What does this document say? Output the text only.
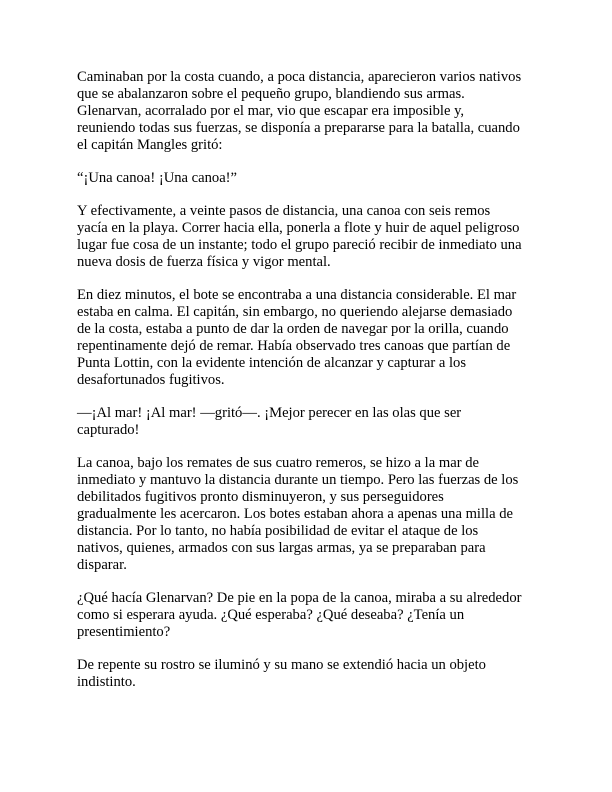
Caminaban por la costa cuando, a poca distancia, aparecieron varios nativos
que se abalanzaron sobre el pequeño grupo, blandiendo sus armas.
Glenarvan, acorralado por el mar, vio que escapar era imposible y,
reuniendo todas sus fuerzas, se disponía a prepararse para la batalla, cuando
el capitán Mangles gritó:

“¡Una canoa! ¡Una canoa!”

Y efectivamente, a veinte pasos de distancia, una canoa con seis remos
yacía en la playa. Correr hacia ella, ponerla a flote y huir de aquel peligroso
lugar fue cosa de un instante; todo el grupo pareció recibir de inmediato una
nueva dosis de fuerza física y vigor mental.

En diez minutos, el bote se encontraba a una distancia considerable. El mar
estaba en calma. El capitán, sin embargo, no queriendo alejarse demasiado
de la costa, estaba a punto de dar la orden de navegar por la orilla, cuando
repentinamente dejó de remar. Había observado tres canoas que partían de
Punta Lottin, con la evidente intención de alcanzar y capturar a los
desafortunados fugitivos.

—¡Al mar! ¡Al mar! —gritó—. ¡Mejor perecer en las olas que ser
capturado!

La canoa, bajo los remates de sus cuatro remeros, se hizo a la mar de
inmediato y mantuvo la distancia durante un tiempo. Pero las fuerzas de los
debilitados fugitivos pronto disminuyeron, y sus perseguidores
gradualmente les acercaron. Los botes estaban ahora a apenas una milla de
distancia. Por lo tanto, no había posibilidad de evitar el ataque de los
nativos, quienes, armados con sus largas armas, ya se preparaban para
disparar.

¿Qué hacía Glenarvan? De pie en la popa de la canoa, miraba a su alrededor
como si esperara ayuda. ¿Qué esperaba? ¿Qué deseaba? ¿Tenía un
presentimiento?

De repente su rostro se iluminó y su mano se extendió hacia un objeto
indistinto.
